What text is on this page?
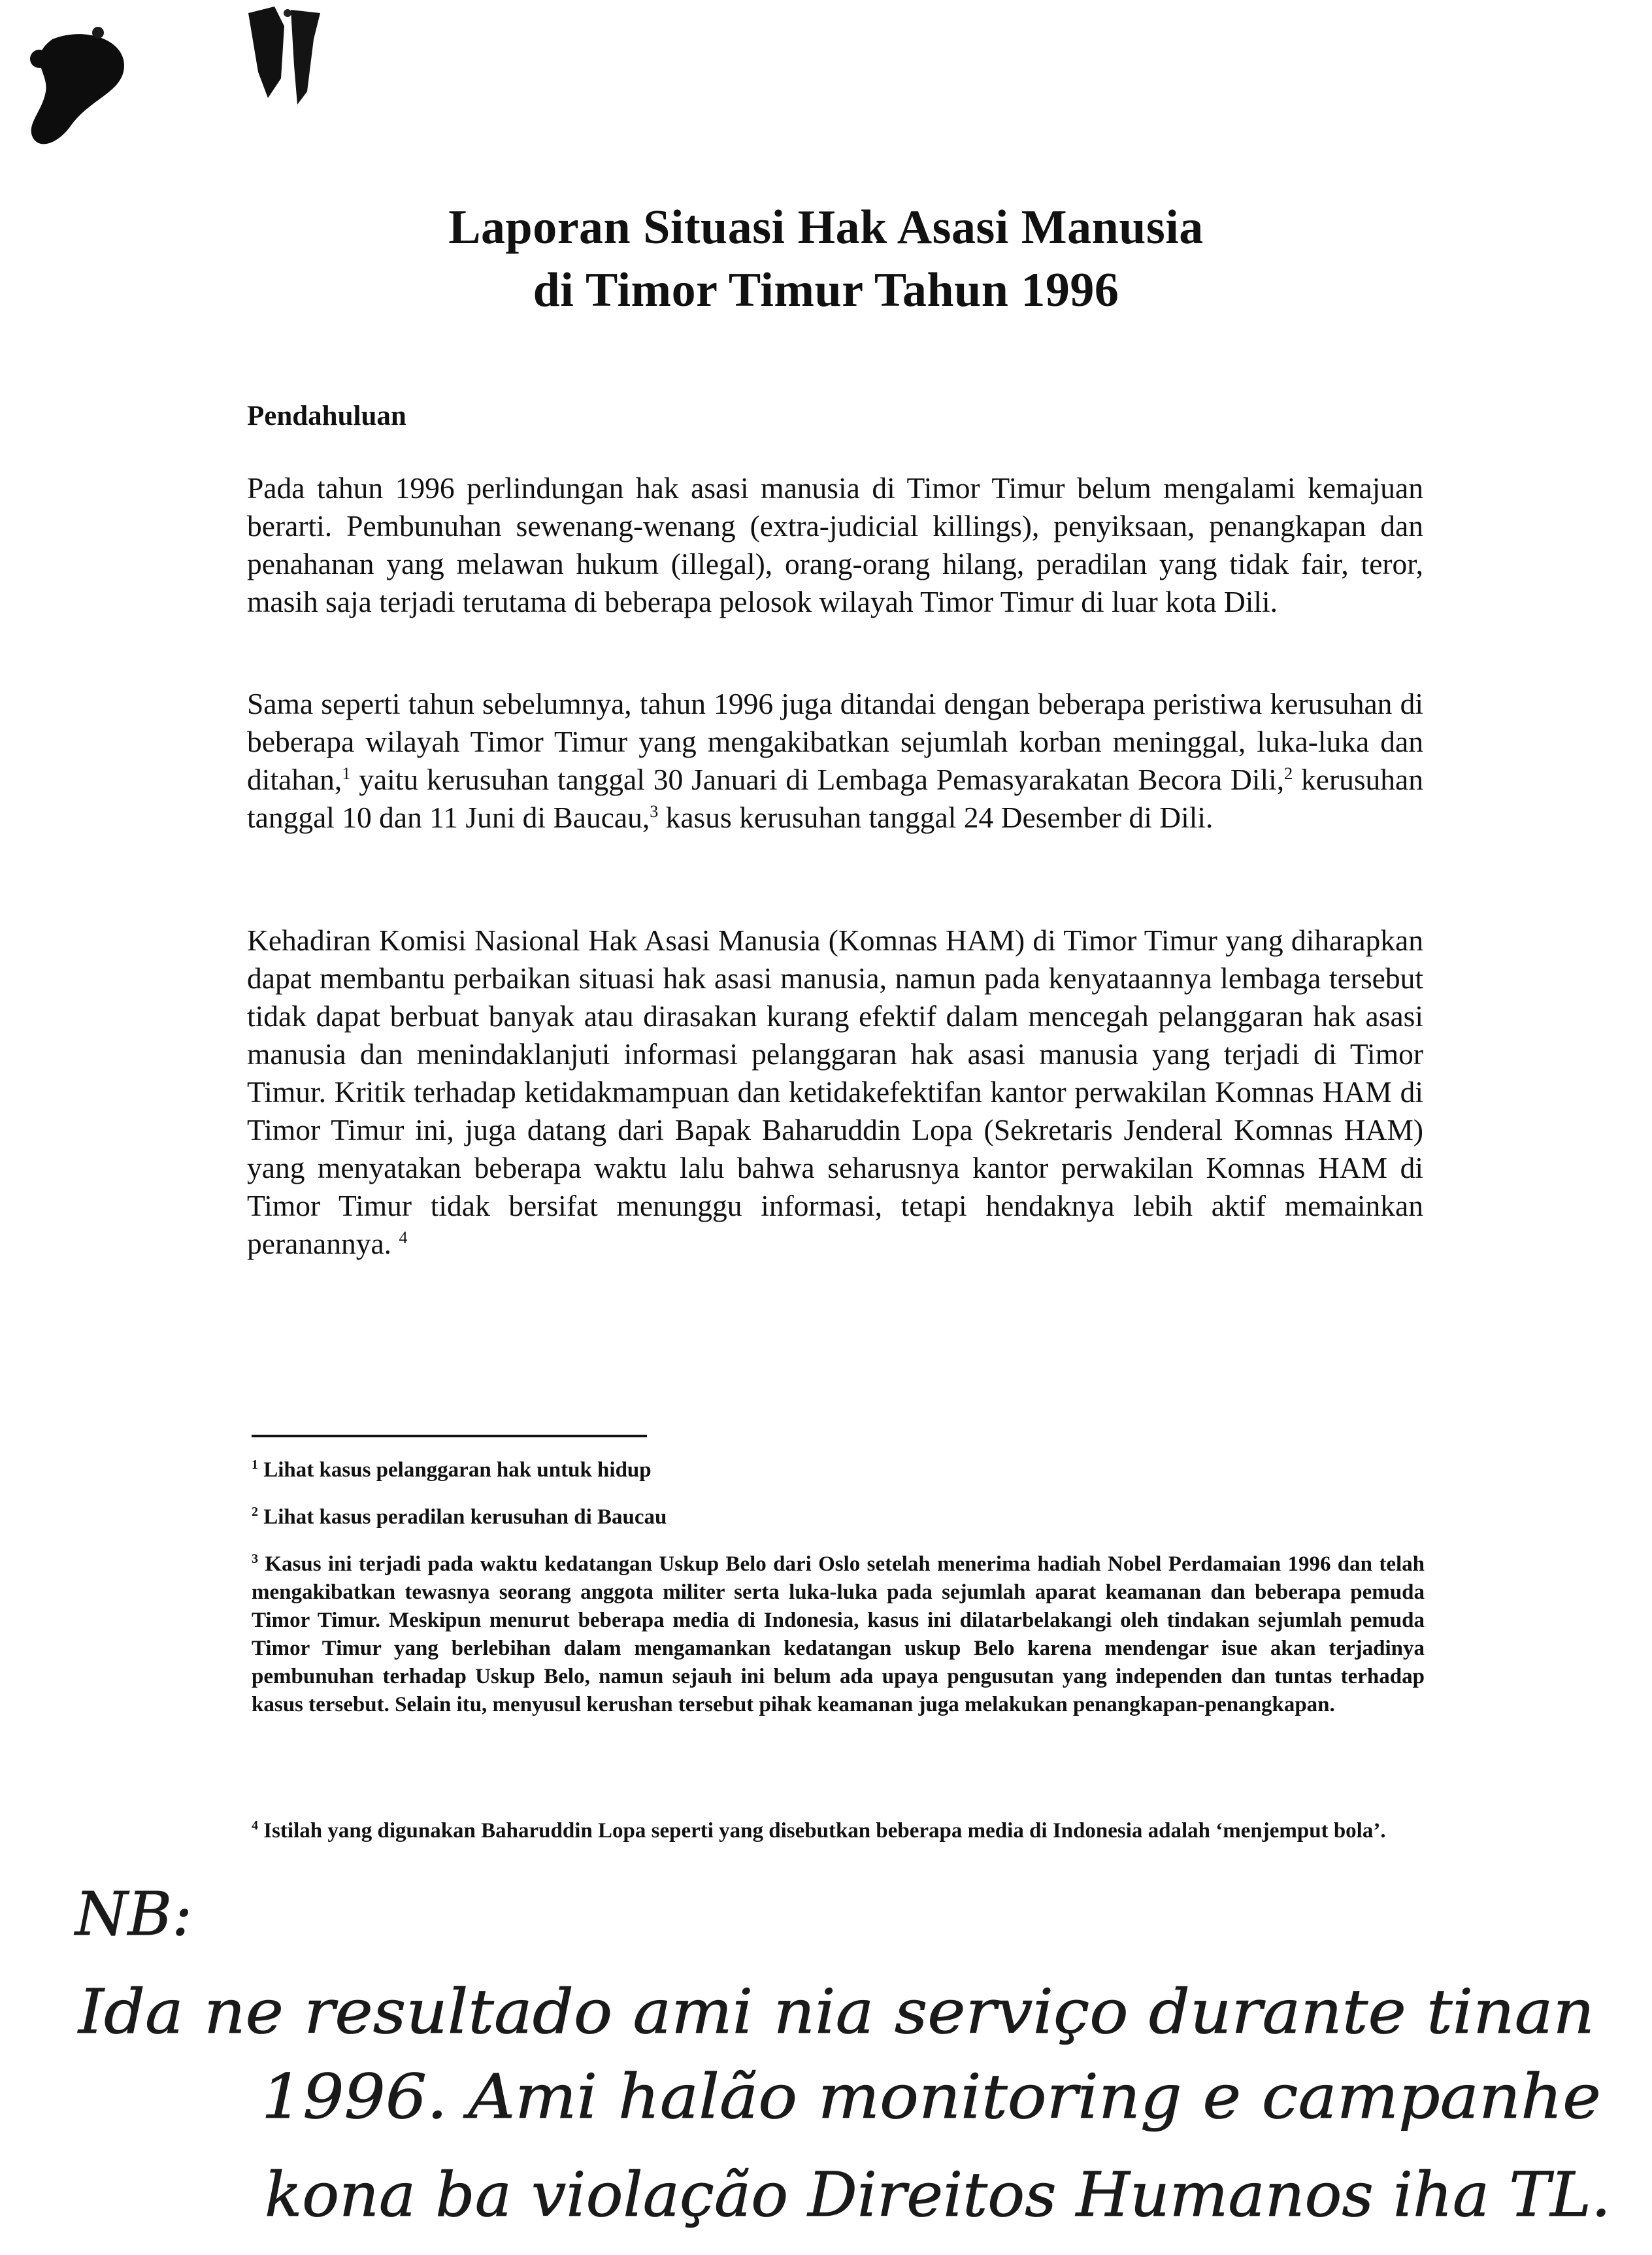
Laporan Situasi Hak Asasi Manusia
di Timor Timur Tahun 1996
Pendahuluan
Pada tahun 1996 perlindungan hak asasi manusia di Timor Timur belum mengalami kemajuan berarti. Pembunuhan sewenang-wenang (extra-judicial killings), penyiksaan, penangkapan dan penahanan yang melawan hukum (illegal), orang-orang hilang, peradilan yang tidak fair, teror, masih saja terjadi terutama di beberapa pelosok wilayah Timor Timur di luar kota Dili.
Sama seperti tahun sebelumnya, tahun 1996 juga ditandai dengan beberapa peristiwa kerusuhan di beberapa wilayah Timor Timur yang mengakibatkan sejumlah korban meninggal, luka-luka dan ditahan,$^1$ yaitu kerusuhan tanggal 30 Januari di Lembaga Pemasyarakatan Becora Dili,$^2$ kerusuhan tanggal 10 dan 11 Juni di Baucau,$^3$ kasus kerusuhan tanggal 24 Desember di Dili.
Kehadiran Komisi Nasional Hak Asasi Manusia (Komnas HAM) di Timor Timur yang diharapkan dapat membantu perbaikan situasi hak asasi manusia, namun pada kenyataannya lembaga tersebut tidak dapat berbuat banyak atau dirasakan kurang efektif dalam mencegah pelanggaran hak asasi manusia dan menindaklanjuti informasi pelanggaran hak asasi manusia yang terjadi di Timor Timur. Kritik terhadap ketidakmampuan dan ketidakefektifan kantor perwakilan Komnas HAM di Timor Timur ini, juga datang dari Bapak Baharuddin Lopa (Sekretaris Jenderal Komnas HAM) yang menyatakan beberapa waktu lalu bahwa seharusnya kantor perwakilan Komnas HAM di Timor Timur tidak bersifat menunggu informasi, tetapi hendaknya lebih aktif memainkan peranannya. $^4$
$^1$ Lihat kasus pelanggaran hak untuk hidup
$^2$ Lihat kasus peradilan kerusuhan di Baucau
$^3$ Kasus ini terjadi pada waktu kedatangan Uskup Belo dari Oslo setelah menerima hadiah Nobel Perdamaian 1996 dan telah mengakibatkan tewasnya seorang anggota militer serta luka-luka pada sejumlah aparat keamanan dan beberapa pemuda Timor Timur. Meskipun menurut beberapa media di Indonesia, kasus ini dilatarbelakangi oleh tindakan sejumlah pemuda Timor Timur yang berlebihan dalam mengamankan kedatangan uskup Belo karena mendengar isue akan terjadinya pembunuhan terhadap Uskup Belo, namun sejauh ini belum ada upaya pengusutan yang independen dan tuntas terhadap kasus tersebut. Selain itu, menyusul kerushan tersebut pihak keamanan juga melakukan penangkapan-penangkapan.
$^4$ Istilah yang digunakan Baharuddin Lopa seperti yang disebutkan beberapa media di Indonesia adalah ‘menjemput bola’.
NB:
Ida ne resultado ami nia serviço durante tinan
1996. Ami halão monitoring e campanhe
kona ba violação Direitos Humanos iha TL.
